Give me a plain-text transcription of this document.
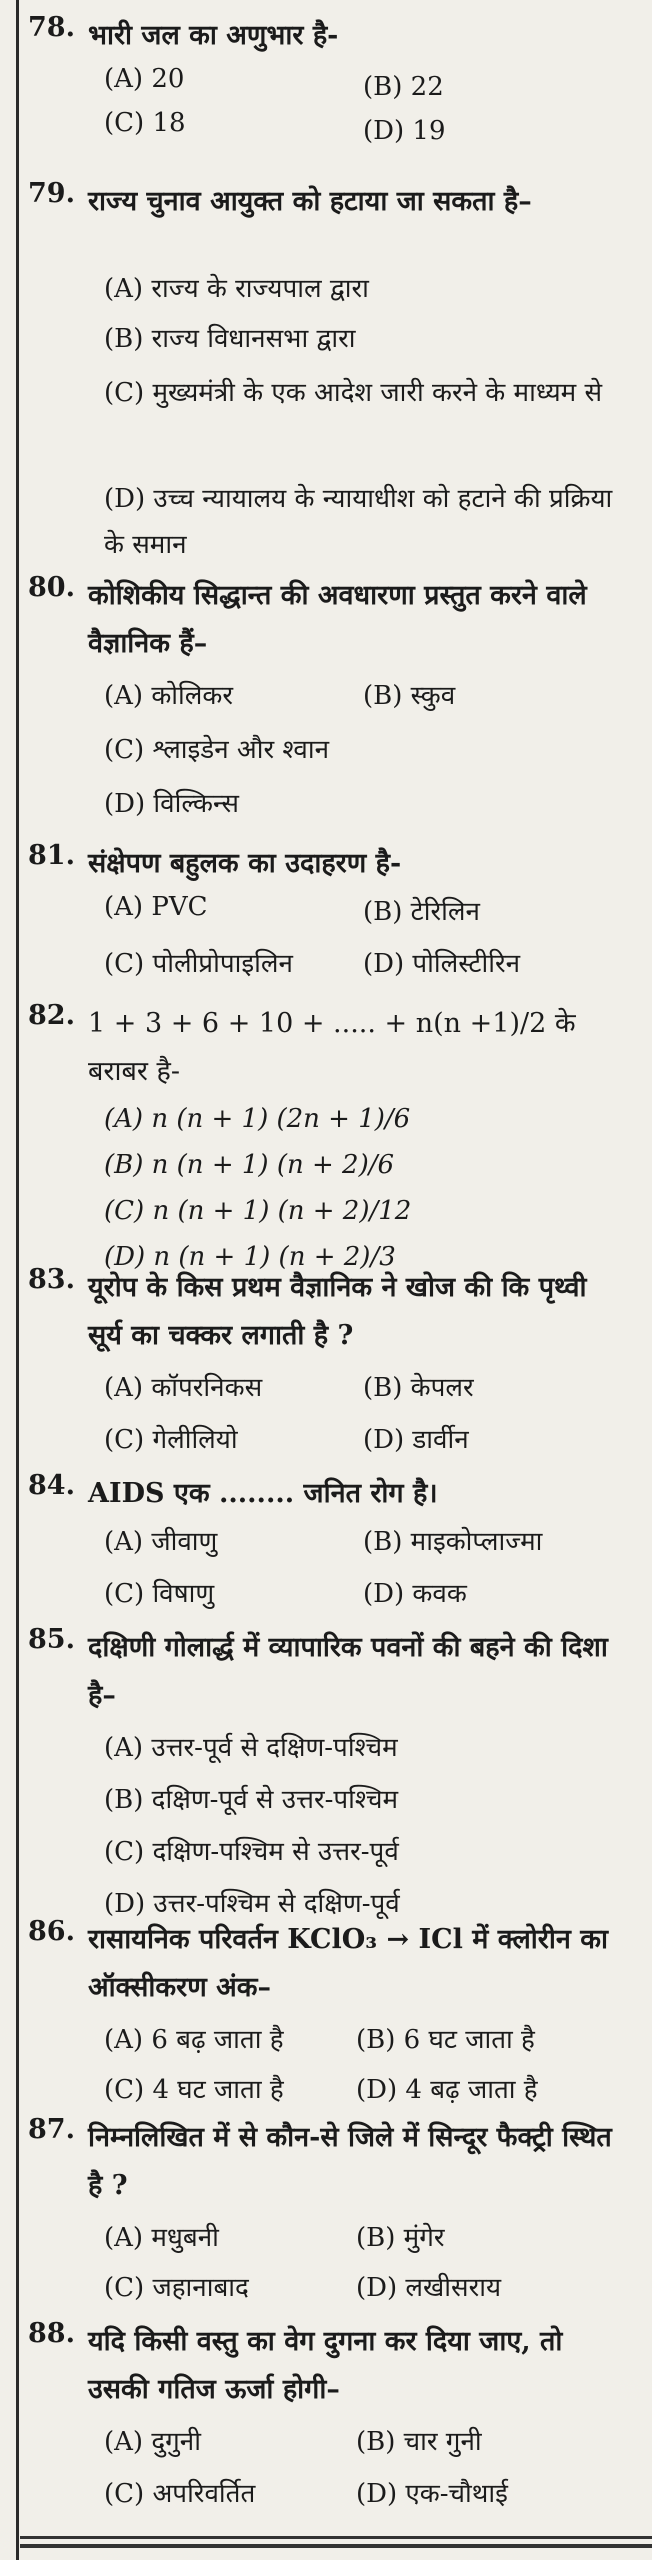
78. भारी जल का अणुभार है-
(A) 20	(B) 22
(C) 18	(D) 19
79. राज्य चुनाव आयुक्त को हटाया जा सकता है–
(A) राज्य के राज्यपाल द्वारा
(B) राज्य विधानसभा द्वारा
(C) मुख्यमंत्री के एक आदेश जारी करने के माध्यम से
(D) उच्च न्यायालय के न्यायाधीश को हटाने की प्रक्रिया के समान
80. कोशिकीय सिद्धान्त की अवधारणा प्रस्तुत करने वाले वैज्ञानिक हैं–
(A) कोलिकर	(B) स्कुव
(C) श्लाइडेन और श्वान
(D) विल्किन्स
81. संक्षेपण बहुलक का उदाहरण है-
(A) PVC	(B) टेरिलिन
(C) पोलीप्रोपाइलिन	(D) पोलिस्टीरिन
82. 1 + 3 + 6 + 10 + ..... + n(n +1)/2 के बराबर है-
(A) n (n + 1) (2n + 1)/6
(B) n (n + 1) (n + 2)/6
(C) n (n + 1) (n + 2)/12
(D) n (n + 1) (n + 2)/3
83. यूरोप के किस प्रथम वैज्ञानिक ने खोज की कि पृथ्वी सूर्य का चक्कर लगाती है ?
(A) कॉपरनिकस	(B) केपलर
(C) गेलीलियो	(D) डार्वीन
84. AIDS एक ........ जनित रोग है।
(A) जीवाणु	(B) माइकोप्लाज्मा
(C) विषाणु	(D) कवक
85. दक्षिणी गोलार्द्ध में व्यापारिक पवनों की बहने की दिशा है–
(A) उत्तर-पूर्व से दक्षिण-पश्चिम
(B) दक्षिण-पूर्व से उत्तर-पश्चिम
(C) दक्षिण-पश्चिम से उत्तर-पूर्व
(D) उत्तर-पश्चिम से दक्षिण-पूर्व
86. रासायनिक परिवर्तन KClO₃ → ICl में क्लोरीन का ऑक्सीकरण अंक–
(A) 6 बढ़ जाता है	(B) 6 घट जाता है
(C) 4 घट जाता है	(D) 4 बढ़ जाता है
87. निम्नलिखित में से कौन-से जिले में सिन्दूर फैक्ट्री स्थित है ?
(A) मधुबनी	(B) मुंगेर
(C) जहानाबाद	(D) लखीसराय
88. यदि किसी वस्तु का वेग दुगना कर दिया जाए, तो उसकी गतिज ऊर्जा होगी–
(A) दुगुनी	(B) चार गुनी
(C) अपरिवर्तित	(D) एक-चौथाई
